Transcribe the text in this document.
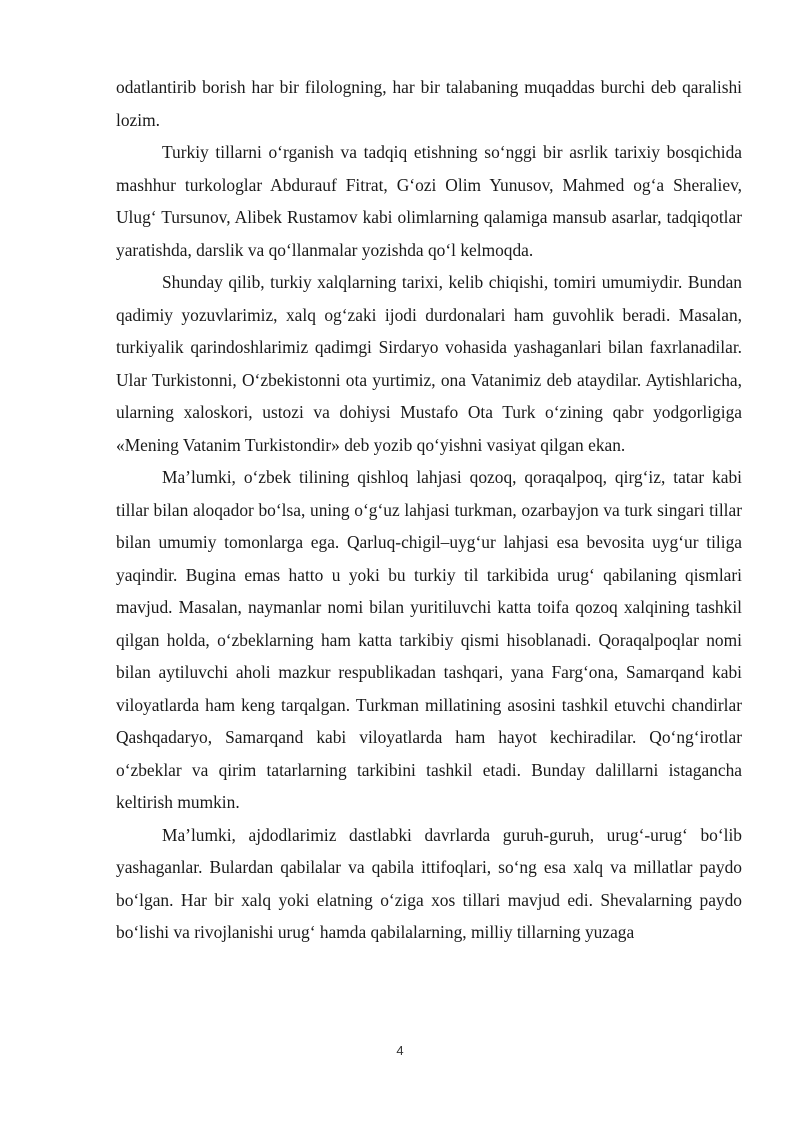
odatlantirib borish har bir filologning, har bir talabaning muqaddas burchi deb qaralishi lozim.

Turkiy tillarni o‘rganish va tadqiq etishning so‘nggi bir asrlik tarixiy bosqichida mashhur turkologlar Abdurauf Fitrat, G‘ozi Olim Yunusov, Mahmed og‘a Sheraliev, Ulug‘ Tursunov, Alibek Rustamov kabi olimlarning qalamiga mansub asarlar, tadqiqotlar yaratishda, darslik va qo‘llanmalar yozishda qo‘l kelmoqda.

Shunday qilib, turkiy xalqlarning tarixi, kelib chiqishi, tomiri umumiydir. Bundan qadimiy yozuvlarimiz, xalq og‘zaki ijodi durdonalari ham guvohlik beradi. Masalan, turkiyalik qarindoshlarimiz qadimgi Sirdaryo vohasida yashaganlari bilan faxrlanadilar. Ular Turkistonni, O‘zbekistonni ota yurtimiz, ona Vatanimiz deb ataydilar. Aytishlaricha, ularning xaloskori, ustozi va dohiysi Mustafo Ota Turk o‘zining qabr yodgorligiga «Mening Vatanim Turkistondir» deb yozib qo‘yishni vasiyat qilgan ekan.

Ma’lumki, o‘zbek tilining qishloq lahjasi qozoq, qoraqalpoq, qirg‘iz, tatar kabi tillar bilan aloqador bo‘lsa, uning o‘g‘uz lahjasi turkman, ozarbayjon va turk singari tillar bilan umumiy tomonlarga ega. Qarluq-chigil–uyg‘ur lahjasi esa bevosita uyg‘ur tiliga yaqindir. Bugina emas hatto u yoki bu turkiy til tarkibida urug‘ qabilaning qismlari mavjud. Masalan, naymanlar nomi bilan yuritiluvchi katta toifa qozoq xalqining tashkil qilgan holda, o‘zbeklarning ham katta tarkibiy qismi hisoblanadi. Qoraqalpoqlar nomi bilan aytiluvchi aholi mazkur respublikadan tashqari, yana Farg‘ona, Samarqand kabi viloyatlarda ham keng tarqalgan. Turkman millatining asosini tashkil etuvchi chandirlar Qashqadaryo, Samarqand kabi viloyatlarda ham hayot kechiradilar. Qo‘ng‘irotlar o‘zbeklar va qirim tatarlarning tarkibini tashkil etadi. Bunday dalillarni istagancha keltirish mumkin.

Ma’lumki, ajdodlarimiz dastlabki davrlarda guruh-guruh, urug‘-urug‘ bo‘lib yashaganlar. Bulardan qabilalar va qabila ittifoqlari, so‘ng esa xalq va millatlar paydo bo‘lgan. Har bir xalq yoki elatning o‘ziga xos tillari mavjud edi. Shevalarning paydo bo‘lishi va rivojlanishi urug‘ hamda qabilalarning, milliy tillarning yuzaga

4
